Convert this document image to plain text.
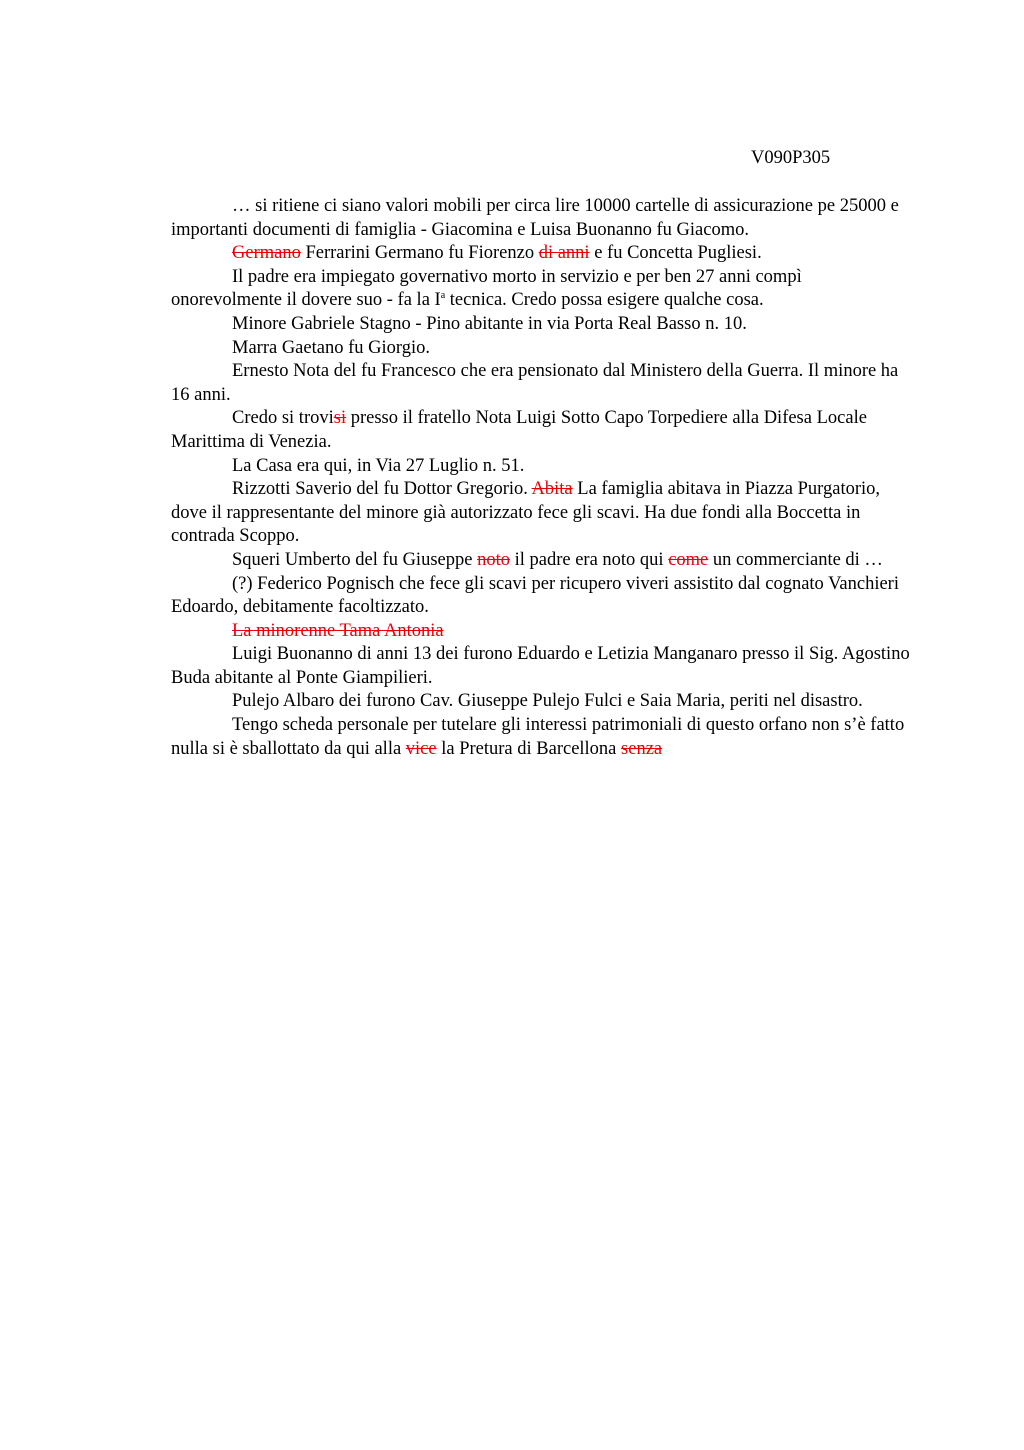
V090P305

… si ritiene ci siano valori mobili per circa lire 10000 cartelle di assicurazione pe 25000 e importanti documenti di famiglia - Giacomina e Luisa Buonanno fu Giacomo.

Germano Ferrarini Germano fu Fiorenzo di anni e fu Concetta Pugliesi.

Il padre era impiegato governativo morto in servizio e per ben 27 anni compì onorevolmente il dovere suo - fa la $I^a$ tecnica. Credo possa esigere qualche cosa.

Minore Gabriele Stagno - Pino abitante in via Porta Real Basso n. 10.

Marra Gaetano fu Giorgio.

Ernesto Nota del fu Francesco che era pensionato dal Ministero della Guerra. Il minore ha 16 anni.

Credo si trovisi presso il fratello Nota Luigi Sotto Capo Torpediere alla Difesa Locale Marittima di Venezia.

La Casa era qui, in Via 27 Luglio n. 51.

Rizzotti Saverio del fu Dottor Gregorio. Abita La famiglia abitava in Piazza Purgatorio, dove il rappresentante del minore già autorizzato fece gli scavi. Ha due fondi alla Boccetta in contrada Scoppo.

Squeri Umberto del fu Giuseppe noto il padre era noto qui come un commerciante di …

(?) Federico Pognisch che fece gli scavi per ricupero viveri assistito dal cognato Vanchieri Edoardo, debitamente facoltizzato.

La minorenne Tama Antonia

Luigi Buonanno di anni 13 dei furono Eduardo e Letizia Manganaro presso il Sig. Agostino Buda abitante al Ponte Giampilieri.

Pulejo Albaro dei furono Cav. Giuseppe Pulejo Fulci e Saia Maria, periti nel disastro.

Tengo scheda personale per tutelare gli interessi patrimoniali di questo orfano non s’è fatto nulla si è sballottato da qui alla vice la Pretura di Barcellona senza
